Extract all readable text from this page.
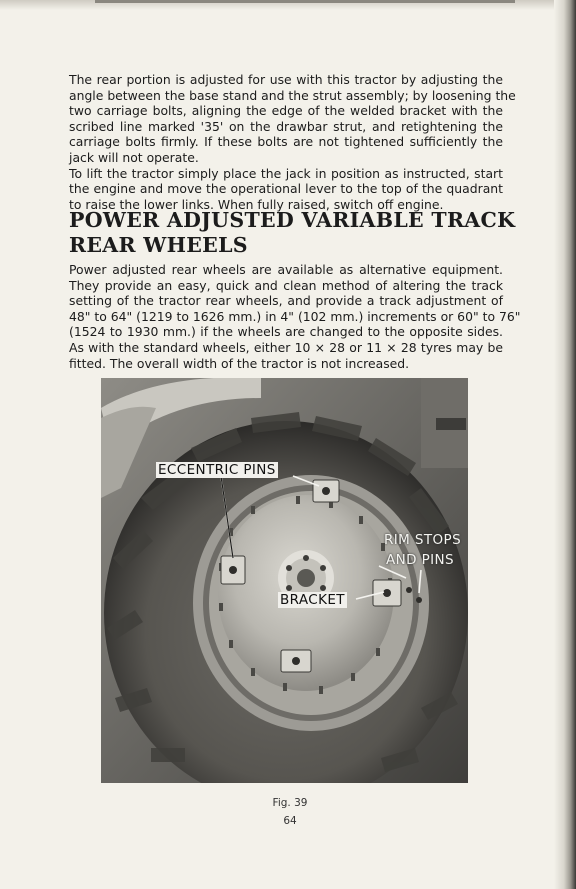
The rear portion is adjusted for use with this tractor by adjusting the
angle between the base stand and the strut assembly; by loosening the
two carriage bolts, aligning the edge of the welded bracket with the
scribed line marked '35' on the drawbar strut, and retightening the
carriage bolts firmly. If these bolts are not tightened sufficiently the
jack will not operate.
To lift the tractor simply place the jack in position as instructed, start
the engine and move the operational lever to the top of the quadrant
to raise the lower links. When fully raised, switch off engine.
POWER ADJUSTED VARIABLE TRACK
REAR WHEELS
Power adjusted rear wheels are available as alternative equipment.
They provide an easy, quick and clean method of altering the track
setting of the tractor rear wheels, and provide a track adjustment of
48" to 64" (1219 to 1626 mm.) in 4" (102 mm.) increments or 60" to 76"
(1524 to 1930 mm.) if the wheels are changed to the opposite sides.
As with the standard wheels, either 10 × 28 or 11 × 28 tyres may be
fitted. The overall width of the tractor is not increased.
ECCENTRIC PINS
RIM STOPS
AND PINS
BRACKET
Fig. 39
64
